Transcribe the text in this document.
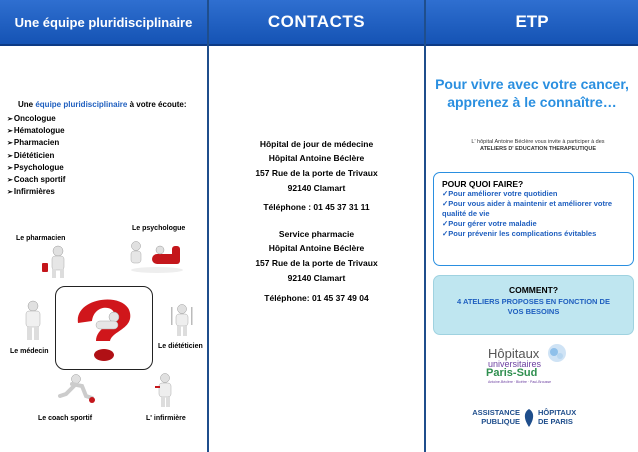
Une équipe pluridisciplinaire
Une équipe pluridisciplinaire à votre écoute:
➢ Oncologue
➢ Hématologue
➢ Pharmacien
➢ Diététicien
➢ Psychologue
➢ Coach sportif
➢ Infirmières
Le pharmacien
Le psychologue
Le médecin
Le diététicien
Le coach sportif	L' infirmière
CONTACTS
Hôpital de jour de médecine
Hôpital Antoine Béclère
157 Rue de la porte de Trivaux
92140 Clamart
Téléphone : 01 45 37 31 11
Service pharmacie
Hôpital Antoine Béclère
157 Rue de la porte de Trivaux
92140 Clamart
Téléphone: 01 45 37 49 04
ETP
Pour vivre avec votre cancer, apprenez à le connaître…
L' hôpital Antoine Béclère vous invite à participer à des
ATELIERS D' EDUCATION THERAPEUTIQUE
POUR QUOI FAIRE?
✓Pour améliorer votre quotidien
✓Pour vous aider à maintenir et améliorer votre qualité de vie
✓Pour gérer votre maladie
✓Pour prévenir les complications évitables
COMMENT?
4 ATELIERS PROPOSES EN FONCTION DE
VOS BESOINS
Hôpitaux
universitaires
Paris-Sud
Antoine-Béclère · Bicêtre · Paul-Brousse
ASSISTANCE
PUBLIQUE
HÔPITAUX
DE PARIS
